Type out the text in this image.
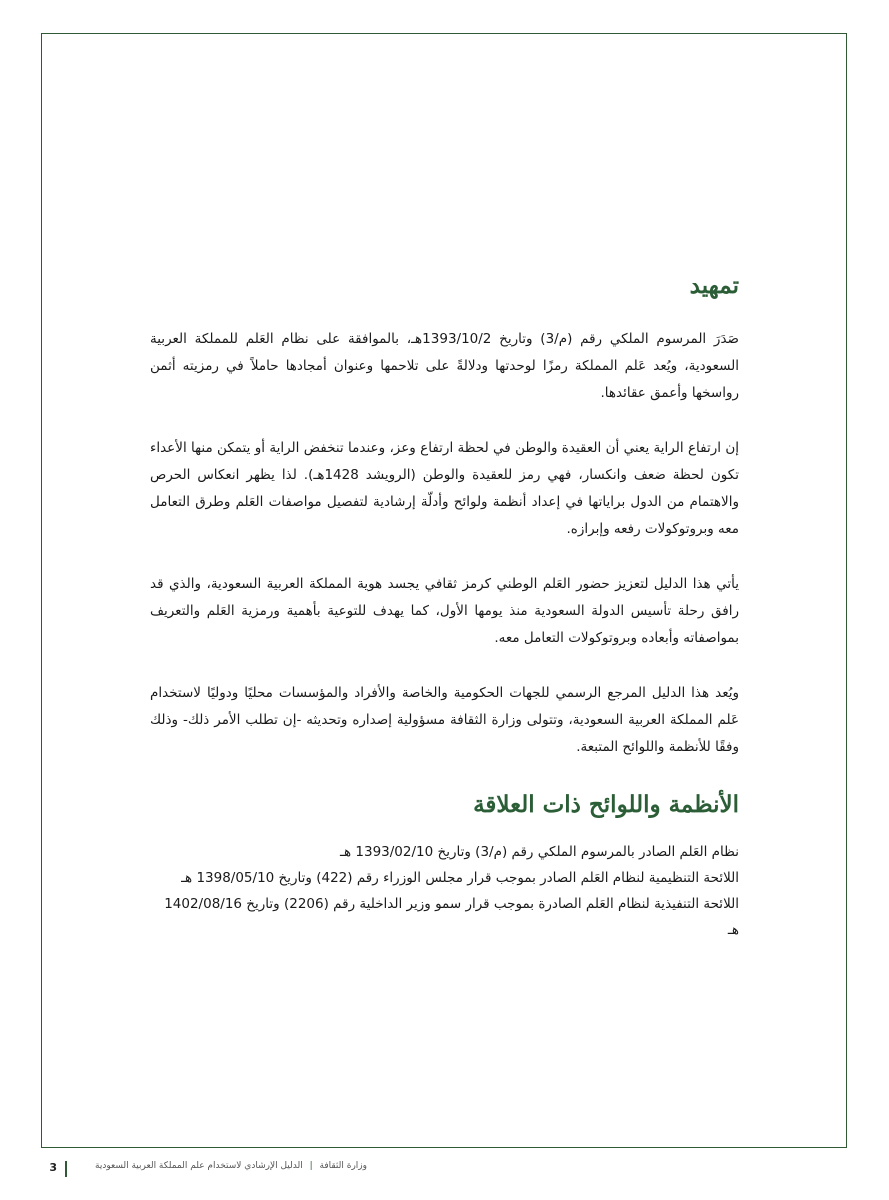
تمهيد

صَدَرَ المرسوم الملكي رقم (م/3) وتاريخ 1393/10/2هـ، بالموافقة على نظام العَلم للمملكة العربية السعودية، ويُعد عَلم المملكة رمزًا لوحدتها ودلالةً على تلاحمها وعنوان أمجادها حاملاً في رمزيته أثمن رواسخها وأعمق عقائدها.

إن ارتفاع الراية يعني أن العقيدة والوطن في لحظة ارتفاع وعز، وعندما تنخفض الراية أو يتمكن منها الأعداء تكون لحظة ضعف وانكسار، فهي رمز للعقيدة والوطن (الرويشد 1428هـ). لذا يظهر انعكاس الحرص والاهتمام من الدول براياتها في إعداد أنظمة ولوائح وأدلّة إرشادية لتفصيل مواصفات العَلم وطرق التعامل معه وبروتوكولات رفعه وإبرازه.

يأتي هذا الدليل لتعزيز حضور العَلم الوطني كرمز ثقافي يجسد هوية المملكة العربية السعودية، والذي قد رافق رحلة تأسيس الدولة السعودية منذ يومها الأول، كما يهدف للتوعية بأهمية ورمزية العَلم والتعريف بمواصفاته وأبعاده وبروتوكولات التعامل معه.

ويُعد هذا الدليل المرجع الرسمي للجهات الحكومية والخاصة والأفراد والمؤسسات محليًا ودوليًا لاستخدام عَلم المملكة العربية السعودية، وتتولى وزارة الثقافة مسؤولية إصداره وتحديثه -إن تطلب الأمر ذلك- وذلك وفقًا للأنظمة واللوائح المتبعة.

الأنظمة واللوائح ذات العلاقة
نظام العَلم الصادر بالمرسوم الملكي رقم (م/3) وتاريخ 1393/02/10 هـ
اللائحة التنظيمية لنظام العَلم الصادر بموجب قرار مجلس الوزراء رقم (422) وتاريخ 1398/05/10 هـ
اللائحة التنفيذية لنظام العَلم الصادرة بموجب قرار سمو وزير الداخلية رقم (2206) وتاريخ 1402/08/16 هـ
وزارة الثقافة | الدليل الإرشادي لاستخدام علم المملكة العربية السعودية
3
